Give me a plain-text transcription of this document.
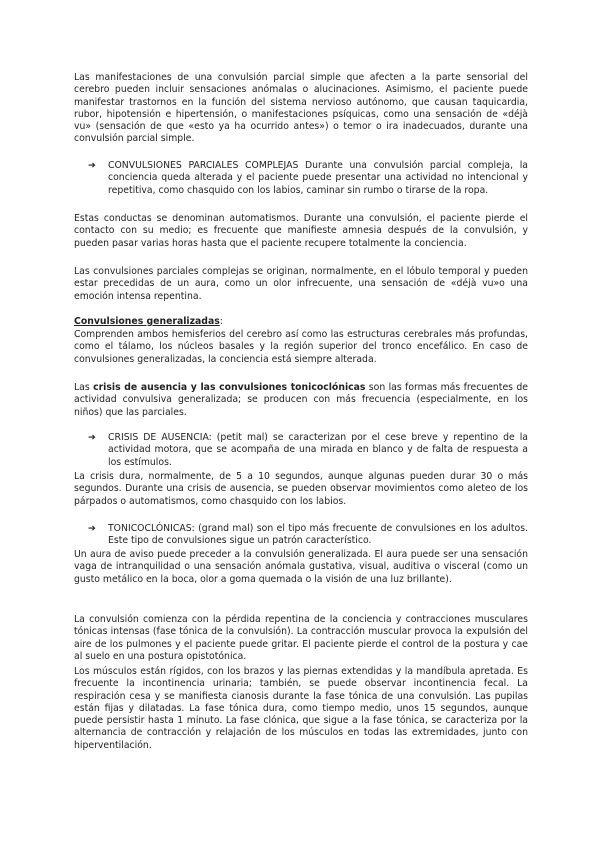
Las manifestaciones de una convulsión parcial simple que afecten a la parte sensorial del cerebro pueden incluir sensaciones anómalas o alucinaciones. Asimismo, el paciente puede manifestar trastornos en la función del sistema nervioso autónomo, que causan taquicardia, rubor, hipotensión e hipertensión, o manifestaciones psíquicas, como una sensación de «déjà vu» (sensación de que «esto ya ha ocurrido antes») o temor o ira inadecuados, durante una convulsión parcial simple.

➔	CONVULSIONES PARCIALES COMPLEJAS Durante una convulsión parcial compleja, la conciencia queda alterada y el paciente puede presentar una actividad no intencional y repetitiva, como chasquido con los labios, caminar sin rumbo o tirarse de la ropa.

Estas conductas se denominan automatismos. Durante una convulsión, el paciente pierde el contacto con su medio; es frecuente que manifieste amnesia después de la convulsión, y pueden pasar varias horas hasta que el paciente recupere totalmente la conciencia.

Las convulsiones parciales complejas se originan, normalmente, en el lóbulo temporal y pueden estar precedidas de un aura, como un olor infrecuente, una sensación de «déjà vu»o una emoción intensa repentina.

Convulsiones generalizadas:

Comprenden ambos hemisferios del cerebro así como las estructuras cerebrales más profundas, como el tálamo, los núcleos basales y la región superior del tronco encefálico. En caso de convulsiones generalizadas, la conciencia está siempre alterada.

Las crisis de ausencia y las convulsiones tonicoclónicas son las formas más frecuentes de actividad convulsiva generalizada; se producen con más frecuencia (especialmente, en los niños) que las parciales.

➔	CRISIS DE AUSENCIA: (petit mal) se caracterizan por el cese breve y repentino de la actividad motora, que se acompaña de una mirada en blanco y de falta de respuesta a los estímulos.

La crisis dura, normalmente, de 5 a 10 segundos, aunque algunas pueden durar 30 o más segundos. Durante una crisis de ausencia, se pueden observar movimientos como aleteo de los párpados o automatismos, como chasquido con los labios.

➔	TONICOCLÓNICAS: (grand mal) son el tipo más frecuente de convulsiones en los adultos. Este tipo de convulsiones sigue un patrón característico.

Un aura de aviso puede preceder a la convulsión generalizada. El aura puede ser una sensación vaga de intranquilidad o una sensación anómala gustativa, visual, auditiva o visceral (como un gusto metálico en la boca, olor a goma quemada o la visión de una luz brillante).

La convulsión comienza con la pérdida repentina de la conciencia y contracciones musculares tónicas intensas (fase tónica de la convulsión). La contracción muscular provoca la expulsión del aire de los pulmones y el paciente puede gritar. El paciente pierde el control de la postura y cae al suelo en una postura opistotónica.

Los músculos están rígidos, con los brazos y las piernas extendidas y la mandíbula apretada. Es frecuente la incontinencia urinaria; también, se puede observar incontinencia fecal. La respiración cesa y se manifiesta cianosis durante la fase tónica de una convulsión. Las pupilas están fijas y dilatadas. La fase tónica dura, como tiempo medio, unos 15 segundos, aunque puede persistir hasta 1 minuto. La fase clónica, que sigue a la fase tónica, se caracteriza por la alternancia de contracción y relajación de los músculos en todas las extremidades, junto con hiperventilación.
